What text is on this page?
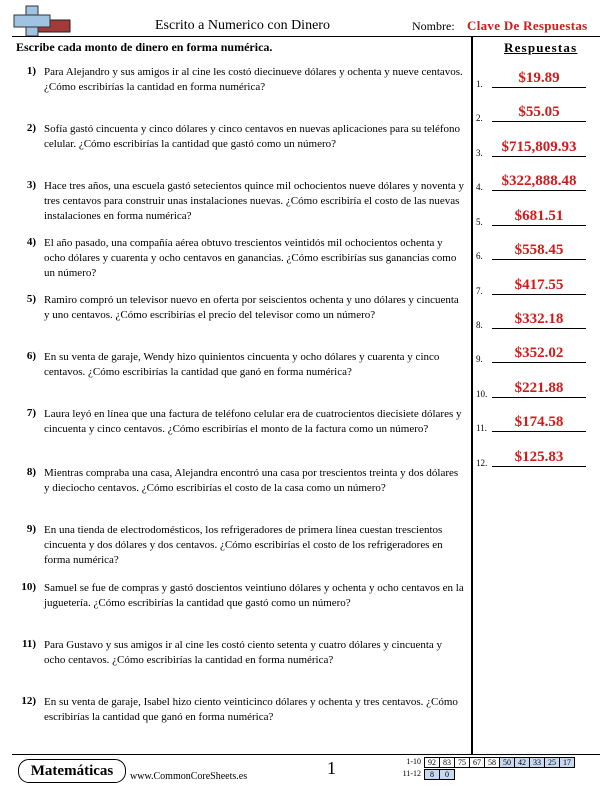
Escrito a Numerico con Dinero	Nombre: Clave De Respuestas
Escribe cada monto de dinero en forma numérica.	Respuestas
1) Para Alejandro y sus amigos ir al cine les costó diecinueve dólares y ochenta y nueve centavos. ¿Cómo escribirías la cantidad en forma numérica?
2) Sofía gastó cincuenta y cinco dólares y cinco centavos en nuevas aplicaciones para su teléfono celular. ¿Cómo escribirías la cantidad que gastó como un número?
3) Hace tres años, una escuela gastó setecientos quince mil ochocientos nueve dólares y noventa y tres centavos para construir unas instalaciones nuevas. ¿Cómo escribiría el costo de las nuevas instalaciones en forma numérica?
4) El año pasado, una compañía aérea obtuvo trescientos veintidós mil ochocientos ochenta y ocho dólares y cuarenta y ocho centavos en ganancias. ¿Cómo escribirías sus ganancias como un número?
5) Ramiro compró un televisor nuevo en oferta por seiscientos ochenta y uno dólares y cincuenta y uno centavos. ¿Cómo escribirías el precio del televisor como un número?
6) En su venta de garaje, Wendy hizo quinientos cincuenta y ocho dólares y cuarenta y cinco centavos. ¿Cómo escribirías la cantidad que ganó en forma numérica?
7) Laura leyó en línea que una factura de teléfono celular era de cuatrocientos diecisiete dólares y cincuenta y cinco centavos. ¿Cómo escribirías el monto de la factura como un número?
8) Mientras compraba una casa, Alejandra encontró una casa por trescientos treinta y dos dólares y dieciocho centavos. ¿Cómo escribirías el costo de la casa como un número?
9) En una tienda de electrodomésticos, los refrigeradores de primera línea cuestan trescientos cincuenta y dos dólares y dos centavos. ¿Cómo escribirías el costo de los refrigeradores en forma numérica?
10) Samuel se fue de compras y gastó doscientos veintiuno dólares y ochenta y ocho centavos en la juguetería. ¿Cómo escribirías la cantidad que gastó como un número?
11) Para Gustavo y sus amigos ir al cine les costó ciento setenta y cuatro dólares y cincuenta y ocho centavos. ¿Cómo escribirías la cantidad en forma numérica?
12) En su venta de garaje, Isabel hizo ciento veinticinco dólares y ochenta y tres centavos. ¿Cómo escribirías la cantidad que ganó en forma numérica?
1.	$19.89
2.	$55.05
3.	$715,809.93
4.	$322,888.48
5.	$681.51
6.	$558.45
7.	$417.55
8.	$332.18
9.	$352.02
10.	$221.88
11.	$174.58
12.	$125.83
Matemáticas	www.CommonCoreSheets.es	1	1-10 92	83	75	67	58	50	42	33	25	17
11-12 8	0
